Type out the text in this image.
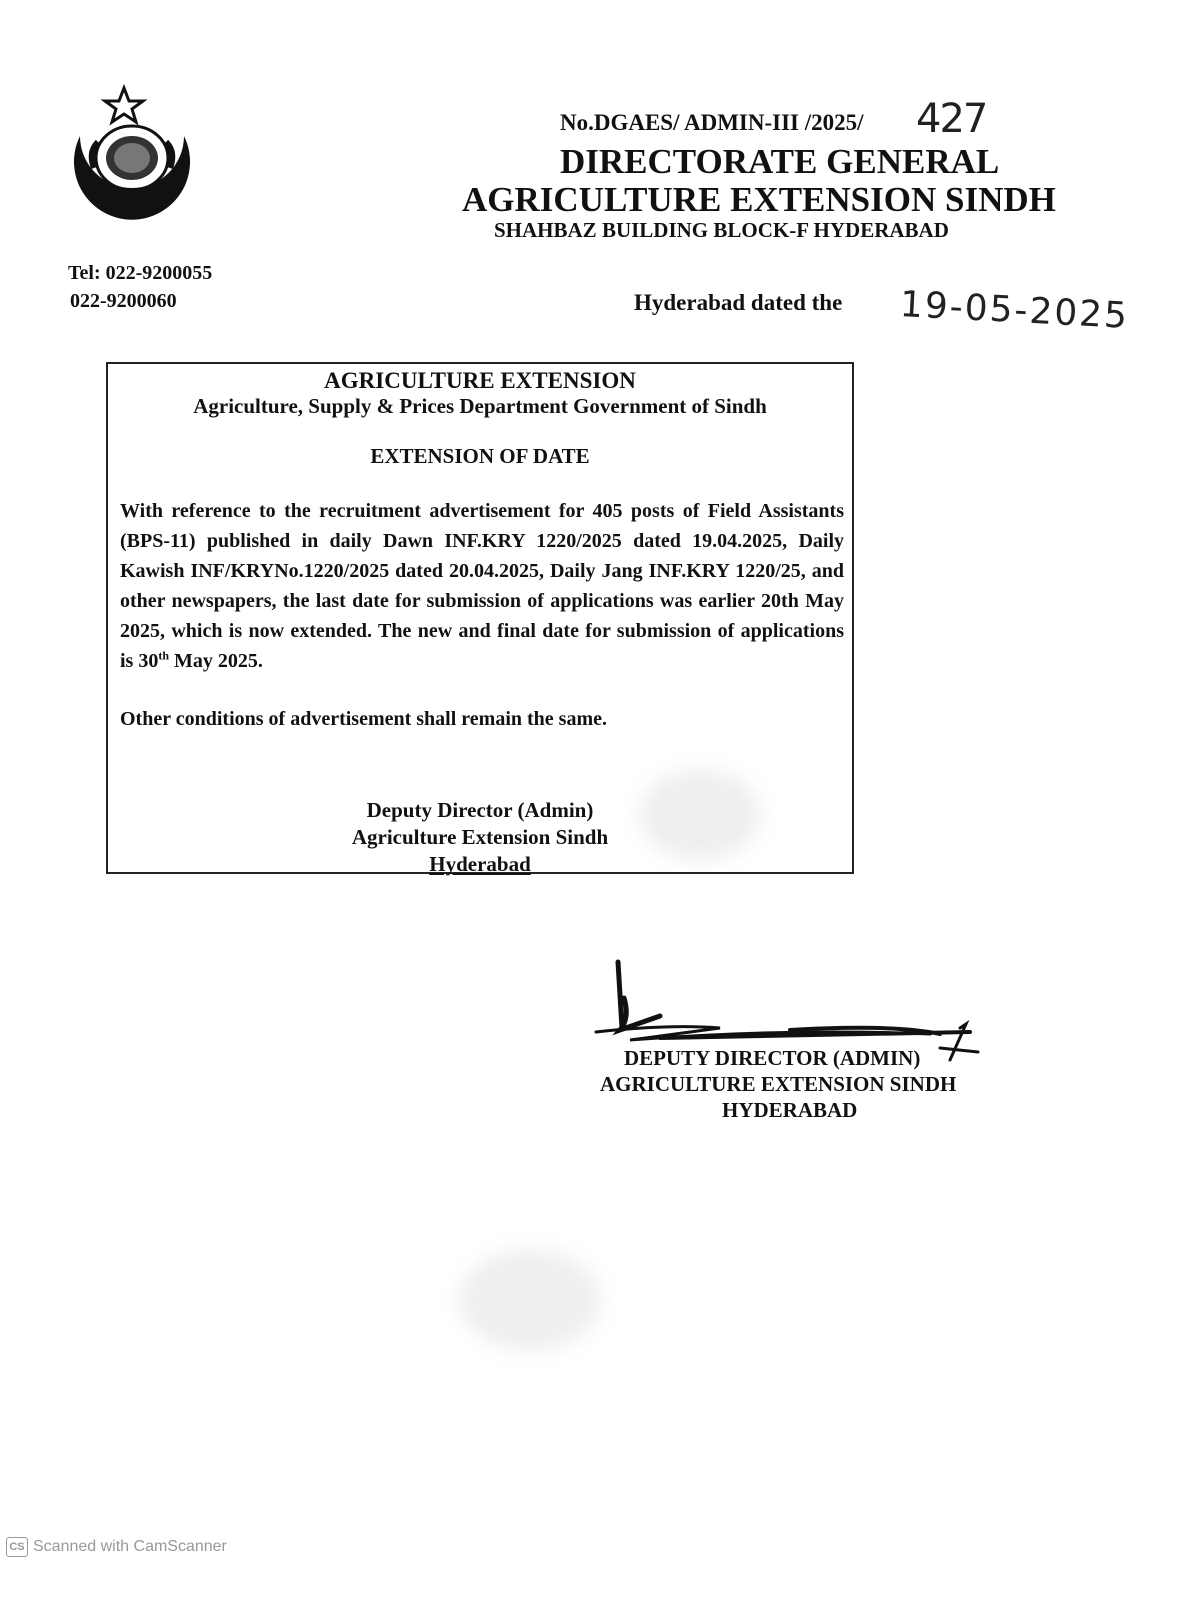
No.DGAES/ ADMIN-III /2025/ 427
DIRECTORATE GENERAL
AGRICULTURE EXTENSION SINDH
SHAHBAZ BUILDING BLOCK-F HYDERABAD
Tel: 022-9200055
022-9200060	Hyderabad dated the 19-05-2025
AGRICULTURE EXTENSION
Agriculture, Supply & Prices Department Government of Sindh
EXTENSION OF DATE
With reference to the recruitment advertisement for 405 posts of Field Assistants (BPS-11) published in daily Dawn INF.KRY 1220/2025 dated 19.04.2025, Daily Kawish INF/KRYNo.1220/2025 dated 20.04.2025, Daily Jang INF.KRY 1220/25, and other newspapers, the last date for submission of applications was earlier 20th May 2025, which is now extended. The new and final date for submission of applications is 30th May 2025.
Other conditions of advertisement shall remain the same.
Deputy Director (Admin)
Agriculture Extension Sindh
Hyderabad
DEPUTY DIRECTOR (ADMIN)
AGRICULTURE EXTENSION SINDH
HYDERABAD
CS Scanned with CamScanner
